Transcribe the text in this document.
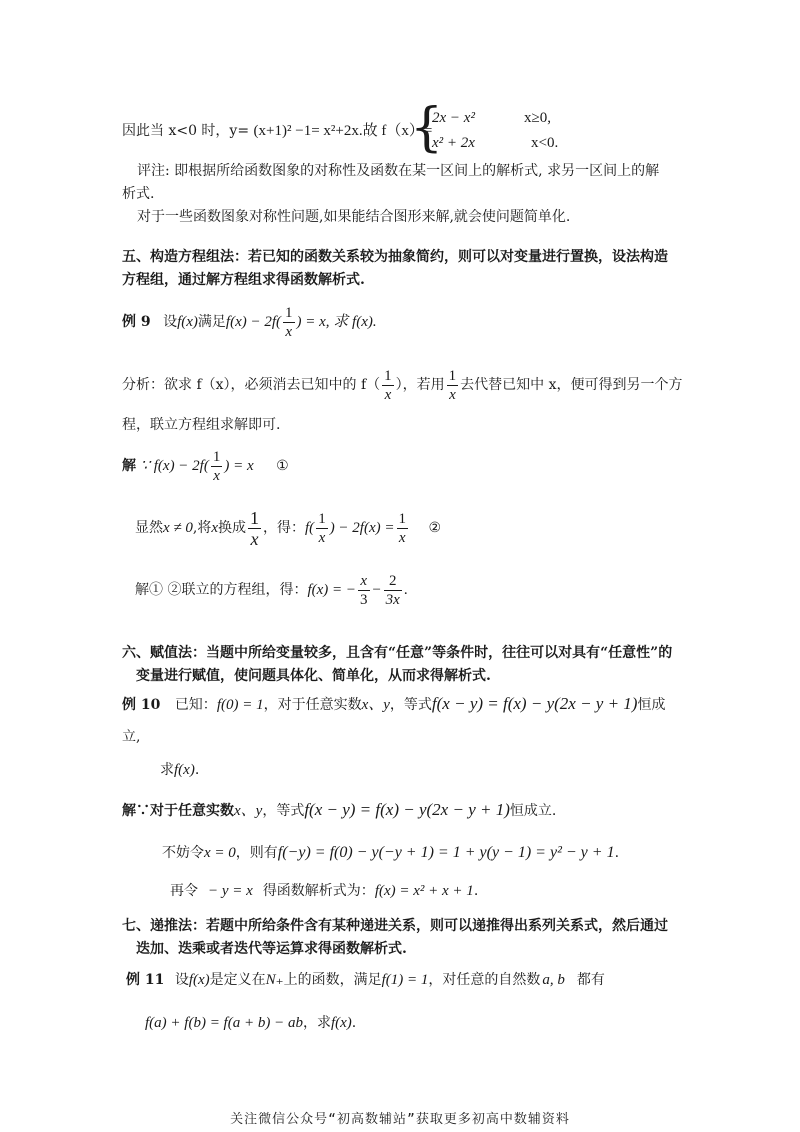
因此当 x<0 时，y= (x+1)² −1= x²+2x.故 f（x）=
{
2x − x²	x≥0,
x² + 2x	x<0.
评注: 即根据所给函数图象的对称性及函数在某一区间上的解析式, 求另一区间上的解
析式.
对于一些函数图象对称性问题,如果能结合图形来解,就会使问题简单化.
五、构造方程组法：若已知的函数关系较为抽象简约，则可以对变量进行置换，设法构造
方程组，通过解方程组求得函数解析式.
例 9 设f(x)满足$f(x) - 2f( \frac{1}{x}$ ) = x, 求 f(x).
分析：欲求 f（x），必须消去已知中的 $f( \frac{1}{x}$ ），若用 $\frac{1}{x}$ 去代替已知中 x，便可得到另一个方
程，联立方程组求解即可.
解 ∵ $f(x) - 2f( \frac{1}{x}$ ) = x ①
显然x ≠ 0,将x换成 $\frac{1}{x}$ ，得：$f( \frac{1}{x}$ ) − $2f(x) = \frac{1}{x}$ ②
解① ②联立的方程组，得：f(x) = − $\frac{x}{3} - \frac{2}{3x}$ .
六、赋值法：当题中所给变量较多，且含有“任意”等条件时，往往可以对具有“任意性”的
变量进行赋值，使问题具体化、简单化，从而求得解析式.
例 10 已知：f(0) = 1，对于任意实数x、y，等式f(x − y) = f(x) − y(2x − y + 1)恒成
立,
求f(x).
解∵对于任意实数x、y，等式f(x − y) = f(x) − y(2x − y + 1)恒成立.
不妨令x = 0，则有f(−y) = f(0) − y(−y + 1) = 1 + y(y − 1) = y² − y + 1.
再令 − y = x 得函数解析式为：f(x) = x² + x + 1.
七、递推法：若题中所给条件含有某种递进关系，则可以递推得出系列关系式，然后通过
迭加、迭乘或者迭代等运算求得函数解析式.
例 11 设f(x)是定义在N₊上的函数，满足f(1) = 1，对任意的自然数 a, b 都有
f(a) + f(b) = f(a + b) − ab，求f(x).
关注微信公众号“初高数辅站”获取更多初高中数辅资料
